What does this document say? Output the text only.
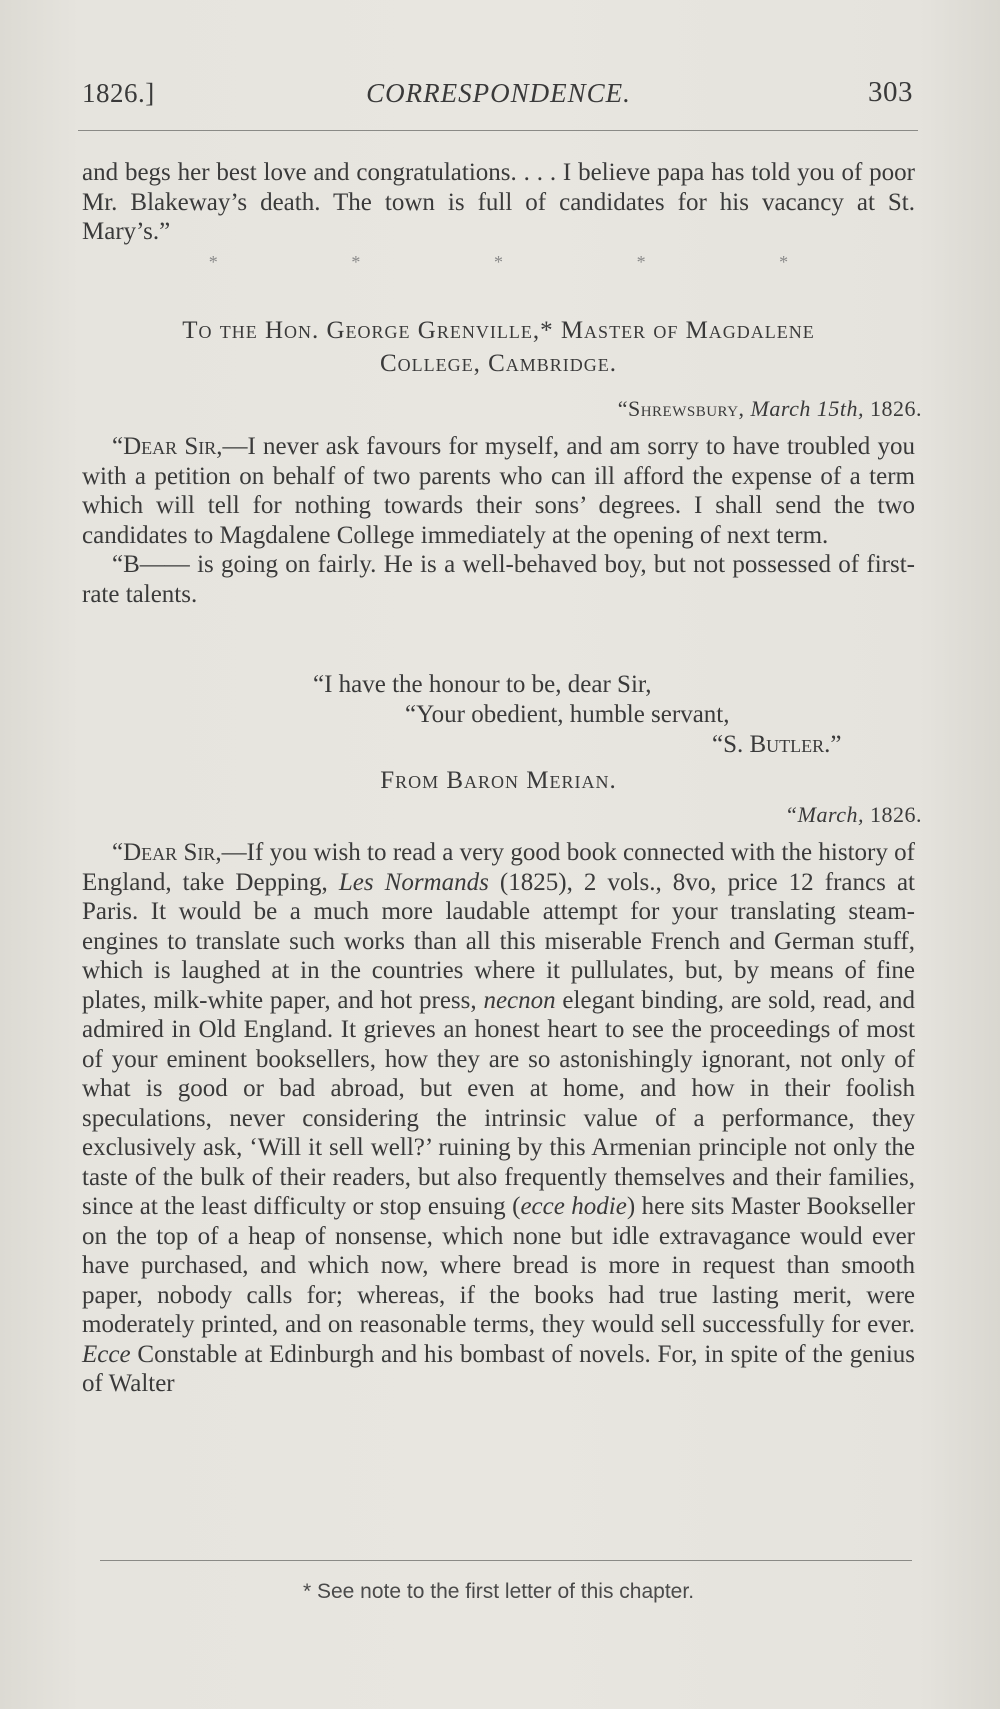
1826.]	CORRESPONDENCE.	303
and begs her best love and congratulations. . . . I believe papa has told you of poor Mr. Blakeway’s death. The town is full of candidates for his vacancy at St. Mary’s.”
*	*	*	*	*
To the Hon. George Grenville,* Master of Magdalene
College, Cambridge.
“Shrewsbury, March 15th, 1826.
“Dear Sir,—I never ask favours for myself, and am sorry to have troubled you with a petition on behalf of two parents who can ill afford the expense of a term which will tell for nothing towards their sons’ degrees. I shall send the two candidates to Magdalene College immediately at the opening of next term.
“B—— is going on fairly. He is a well-behaved boy, but not possessed of first-rate talents.
“I have the honour to be, dear Sir,
“Your obedient, humble servant,
“S. Butler.”
From Baron Merian.
“March, 1826.
“Dear Sir,—If you wish to read a very good book connected with the history of England, take Depping, Les Normands (1825), 2 vols., 8vo, price 12 francs at Paris. It would be a much more laudable attempt for your translating steam-engines to translate such works than all this miserable French and German stuff, which is laughed at in the countries where it pullulates, but, by means of fine plates, milk-white paper, and hot press, necnon elegant binding, are sold, read, and admired in Old England. It grieves an honest heart to see the proceedings of most of your eminent booksellers, how they are so astonishingly ignorant, not only of what is good or bad abroad, but even at home, and how in their foolish speculations, never considering the intrinsic value of a performance, they exclusively ask, ‘Will it sell well?’ ruining by this Armenian principle not only the taste of the bulk of their readers, but also frequently themselves and their families, since at the least difficulty or stop ensuing (ecce hodie) here sits Master Bookseller on the top of a heap of nonsense, which none but idle extravagance would ever have purchased, and which now, where bread is more in request than smooth paper, nobody calls for; whereas, if the books had true lasting merit, were moderately printed, and on reasonable terms, they would sell successfully for ever. Ecce Constable at Edinburgh and his bombast of novels. For, in spite of the genius of Walter
* See note to the first letter of this chapter.
